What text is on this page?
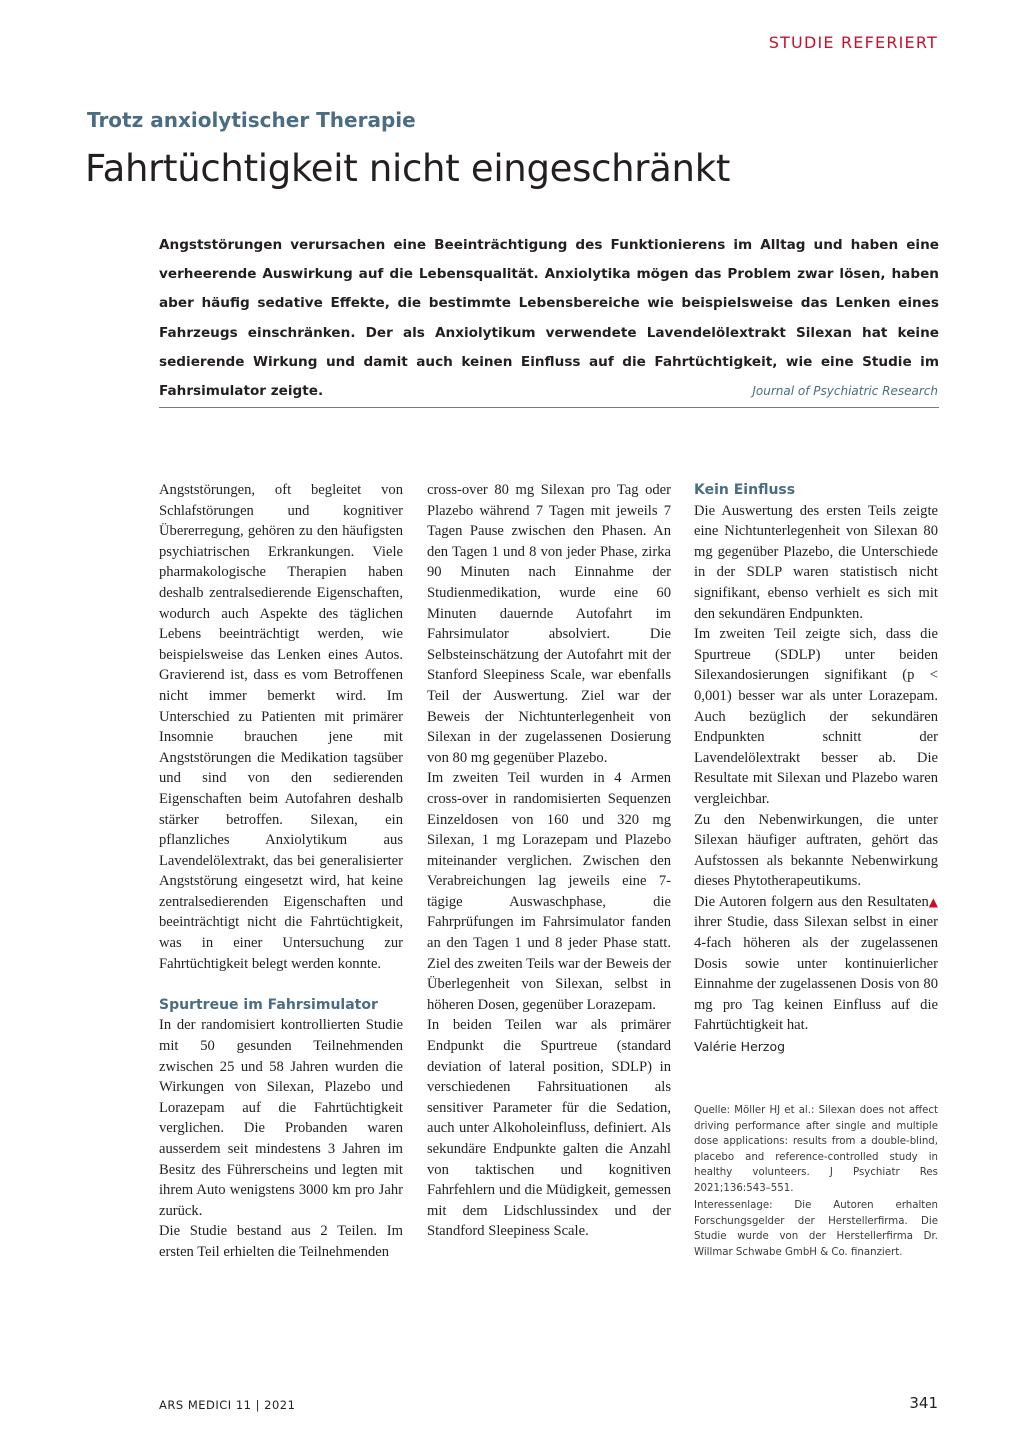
STUDIE REFERIERT
Trotz anxiolytischer Therapie
Fahrtüchtigkeit nicht eingeschränkt

Angststörungen verursachen eine Beeinträchtigung des Funktionierens im Alltag und haben eine verheerende Auswirkung auf die Lebensqualität. Anxiolytika mögen das Problem zwar lösen, haben aber häufig sedative Effekte, die bestimmte Lebensbereiche wie beispielsweise das Lenken eines Fahrzeugs einschränken. Der als Anxiolytikum verwendete Lavendelölextrakt Silexan hat keine sedierende Wirkung und damit auch keinen Einfluss auf die Fahrtüchtigkeit, wie eine Studie im Fahrsimulator zeigte.	Journal of Psychiatric Research

Angststörungen, oft begleitet von Schlafstörungen und kognitiver Übererregung, gehören zu den häufigsten psychiatrischen Erkrankungen. Viele pharmakologische Therapien haben deshalb zentralsedierende Eigenschaften, wodurch auch Aspekte des täglichen Lebens beeinträchtigt werden, wie beispielsweise das Lenken eines Autos. Gravierend ist, dass es vom Betroffenen nicht immer bemerkt wird. Im Unterschied zu Patienten mit primärer Insomnie brauchen jene mit Angststörungen die Medikation tagsüber und sind von den sedierenden Eigenschaften beim Autofahren deshalb stärker betroffen. Silexan, ein pflanzliches Anxiolytikum aus Lavendelölextrakt, das bei generalisierter Angststörung eingesetzt wird, hat keine zentralsedierenden Eigenschaften und beeinträchtigt nicht die Fahrtüchtigkeit, was in einer Untersuchung zur Fahrtüchtigkeit belegt werden konnte.

Spurtreue im Fahrsimulator

In der randomisiert kontrollierten Studie mit 50 gesunden Teilnehmenden zwischen 25 und 58 Jahren wurden die Wirkungen von Silexan, Plazebo und Lorazepam auf die Fahrtüchtigkeit verglichen. Die Probanden waren ausserdem seit mindestens 3 Jahren im Besitz des Führerscheins und legten mit ihrem Auto wenigstens 3000 km pro Jahr zurück.

Die Studie bestand aus 2 Teilen. Im ersten Teil erhielten die Teilnehmenden

cross-over 80 mg Silexan pro Tag oder Plazebo während 7 Tagen mit jeweils 7 Tagen Pause zwischen den Phasen. An den Tagen 1 und 8 von jeder Phase, zirka 90 Minuten nach Einnahme der Studienmedikation, wurde eine 60 Minuten dauernde Autofahrt im Fahrsimulator absolviert. Die Selbsteinschätzung der Autofahrt mit der Stanford Sleepiness Scale, war ebenfalls Teil der Auswertung. Ziel war der Beweis der Nichtunterlegenheit von Silexan in der zugelassenen Dosierung von 80 mg gegenüber Plazebo.

Im zweiten Teil wurden in 4 Armen cross-over in randomisierten Sequenzen Einzeldosen von 160 und 320 mg Silexan, 1 mg Lorazepam und Plazebo miteinander verglichen. Zwischen den Verabreichungen lag jeweils eine 7-tägige Auswaschphase, die Fahrprüfungen im Fahrsimulator fanden an den Tagen 1 und 8 jeder Phase statt. Ziel des zweiten Teils war der Beweis der Überlegenheit von Silexan, selbst in höheren Dosen, gegenüber Lorazepam.

In beiden Teilen war als primärer Endpunkt die Spurtreue (standard deviation of lateral position, SDLP) in verschiedenen Fahrsituationen als sensitiver Parameter für die Sedation, auch unter Alkoholeinfluss, definiert. Als sekundäre Endpunkte galten die Anzahl von taktischen und kognitiven Fahrfehlern und die Müdigkeit, gemessen mit dem Lidschlussindex und der Standford Sleepiness Scale.

Kein Einfluss

Die Auswertung des ersten Teils zeigte eine Nichtunterlegenheit von Silexan 80 mg gegenüber Plazebo, die Unterschiede in der SDLP waren statistisch nicht signifikant, ebenso verhielt es sich mit den sekundären Endpunkten.

Im zweiten Teil zeigte sich, dass die Spurtreue (SDLP) unter beiden Silexandosierungen signifikant (p < 0,001) besser war als unter Lorazepam. Auch bezüglich der sekundären Endpunkten schnitt der Lavendelölextrakt besser ab. Die Resultate mit Silexan und Plazebo waren vergleichbar.

Zu den Nebenwirkungen, die unter Silexan häufiger auftraten, gehört das Aufstossen als bekannte Nebenwirkung dieses Phytotherapeutikums.

▲
Die Autoren folgern aus den Resultaten ihrer Studie, dass Silexan selbst in einer 4-fach höheren als der zugelassenen Dosis sowie unter kontinuierlicher Einnahme der zugelassenen Dosis von 80 mg pro Tag keinen Einfluss auf die Fahrtüchtigkeit hat.

Valérie Herzog

Quelle: Möller HJ et al.: Silexan does not affect driving performance after single and multiple dose applications: results from a double-blind, placebo and reference-controlled study in healthy volunteers. J Psychiatr Res 2021;136:543–551.

Interessenlage: Die Autoren erhalten Forschungsgelder der Herstellerfirma. Die Studie wurde von der Herstellerfirma Dr. Willmar Schwabe GmbH & Co. finanziert.

ARS MEDICI 11 | 2021	341
